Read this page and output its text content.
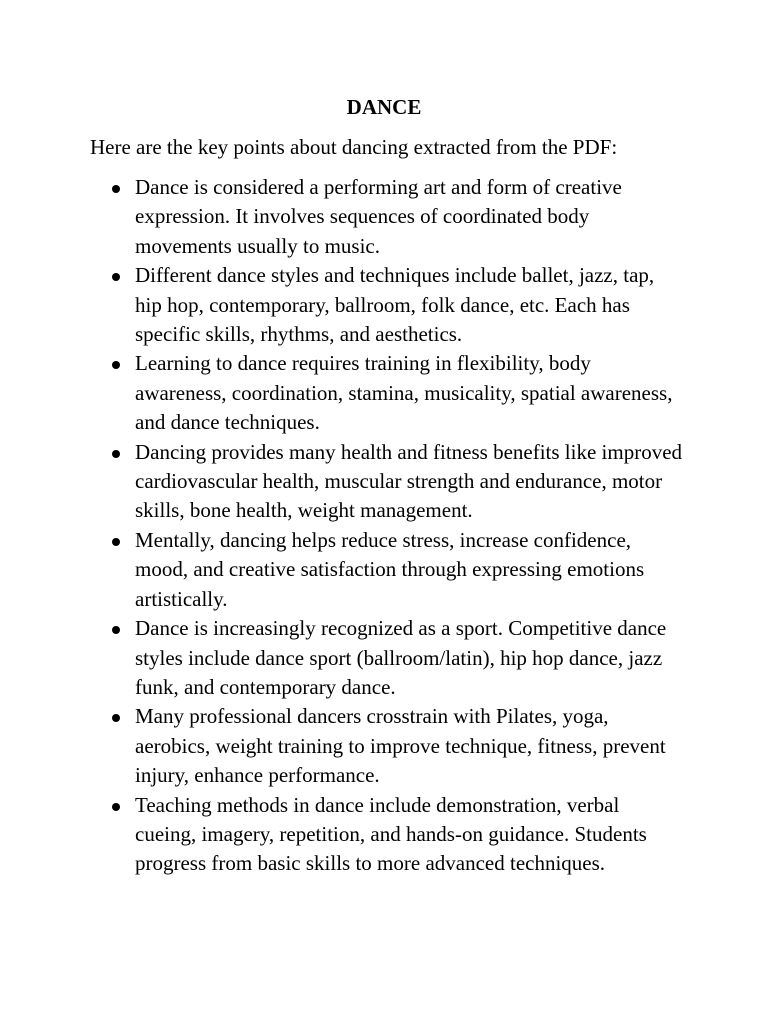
DANCE

Here are the key points about dancing extracted from the PDF:

Dance is considered a performing art and form of creative expression. It involves sequences of coordinated body movements usually to music.
Different dance styles and techniques include ballet, jazz, tap, hip hop, contemporary, ballroom, folk dance, etc. Each has specific skills, rhythms, and aesthetics.
Learning to dance requires training in flexibility, body awareness, coordination, stamina, musicality, spatial awareness, and dance techniques.
Dancing provides many health and fitness benefits like improved cardiovascular health, muscular strength and endurance, motor skills, bone health, weight management.
Mentally, dancing helps reduce stress, increase confidence, mood, and creative satisfaction through expressing emotions artistically.
Dance is increasingly recognized as a sport. Competitive dance styles include dance sport (ballroom/latin), hip hop dance, jazz funk, and contemporary dance.
Many professional dancers crosstrain with Pilates, yoga, aerobics, weight training to improve technique, fitness, prevent injury, enhance performance.
Teaching methods in dance include demonstration, verbal cueing, imagery, repetition, and hands-on guidance. Students progress from basic skills to more advanced techniques.
